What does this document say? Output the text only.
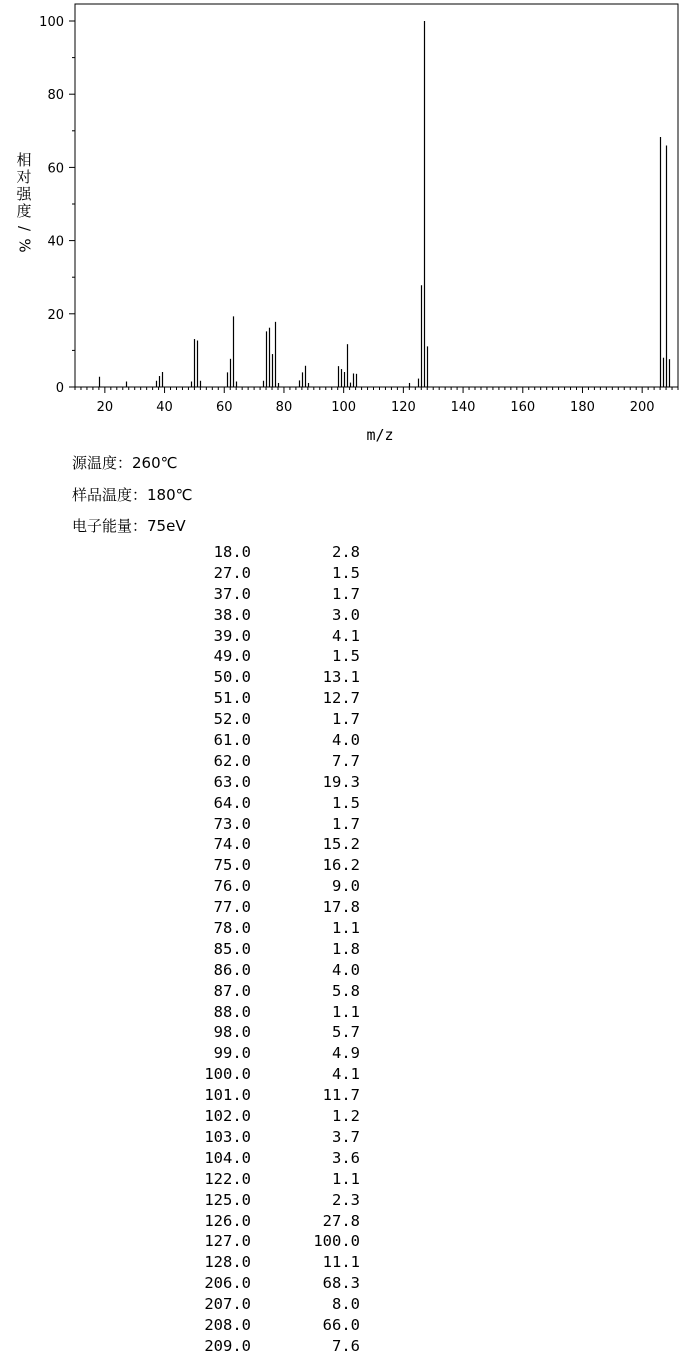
20	40	60	80	100	120	140	160	180	200
0
20
40
60
80
100
相
对
强
度
/
%
m/z
源温度：260℃
样品温度：180℃
电子能量：75eV
18.0	2.8
27.0	1.5
37.0	1.7
38.0	3.0
39.0	4.1
49.0	1.5
50.0	13.1
51.0	12.7
52.0	1.7
61.0	4.0
62.0	7.7
63.0	19.3
64.0	1.5
73.0	1.7
74.0	15.2
75.0	16.2
76.0	9.0
77.0	17.8
78.0	1.1
85.0	1.8
86.0	4.0
87.0	5.8
88.0	1.1
98.0	5.7
99.0	4.9
100.0	4.1
101.0	11.7
102.0	1.2
103.0	3.7
104.0	3.6
122.0	1.1
125.0	2.3
126.0	27.8
127.0	100.0
128.0	11.1
206.0	68.3
207.0	8.0
208.0	66.0
209.0	7.6
